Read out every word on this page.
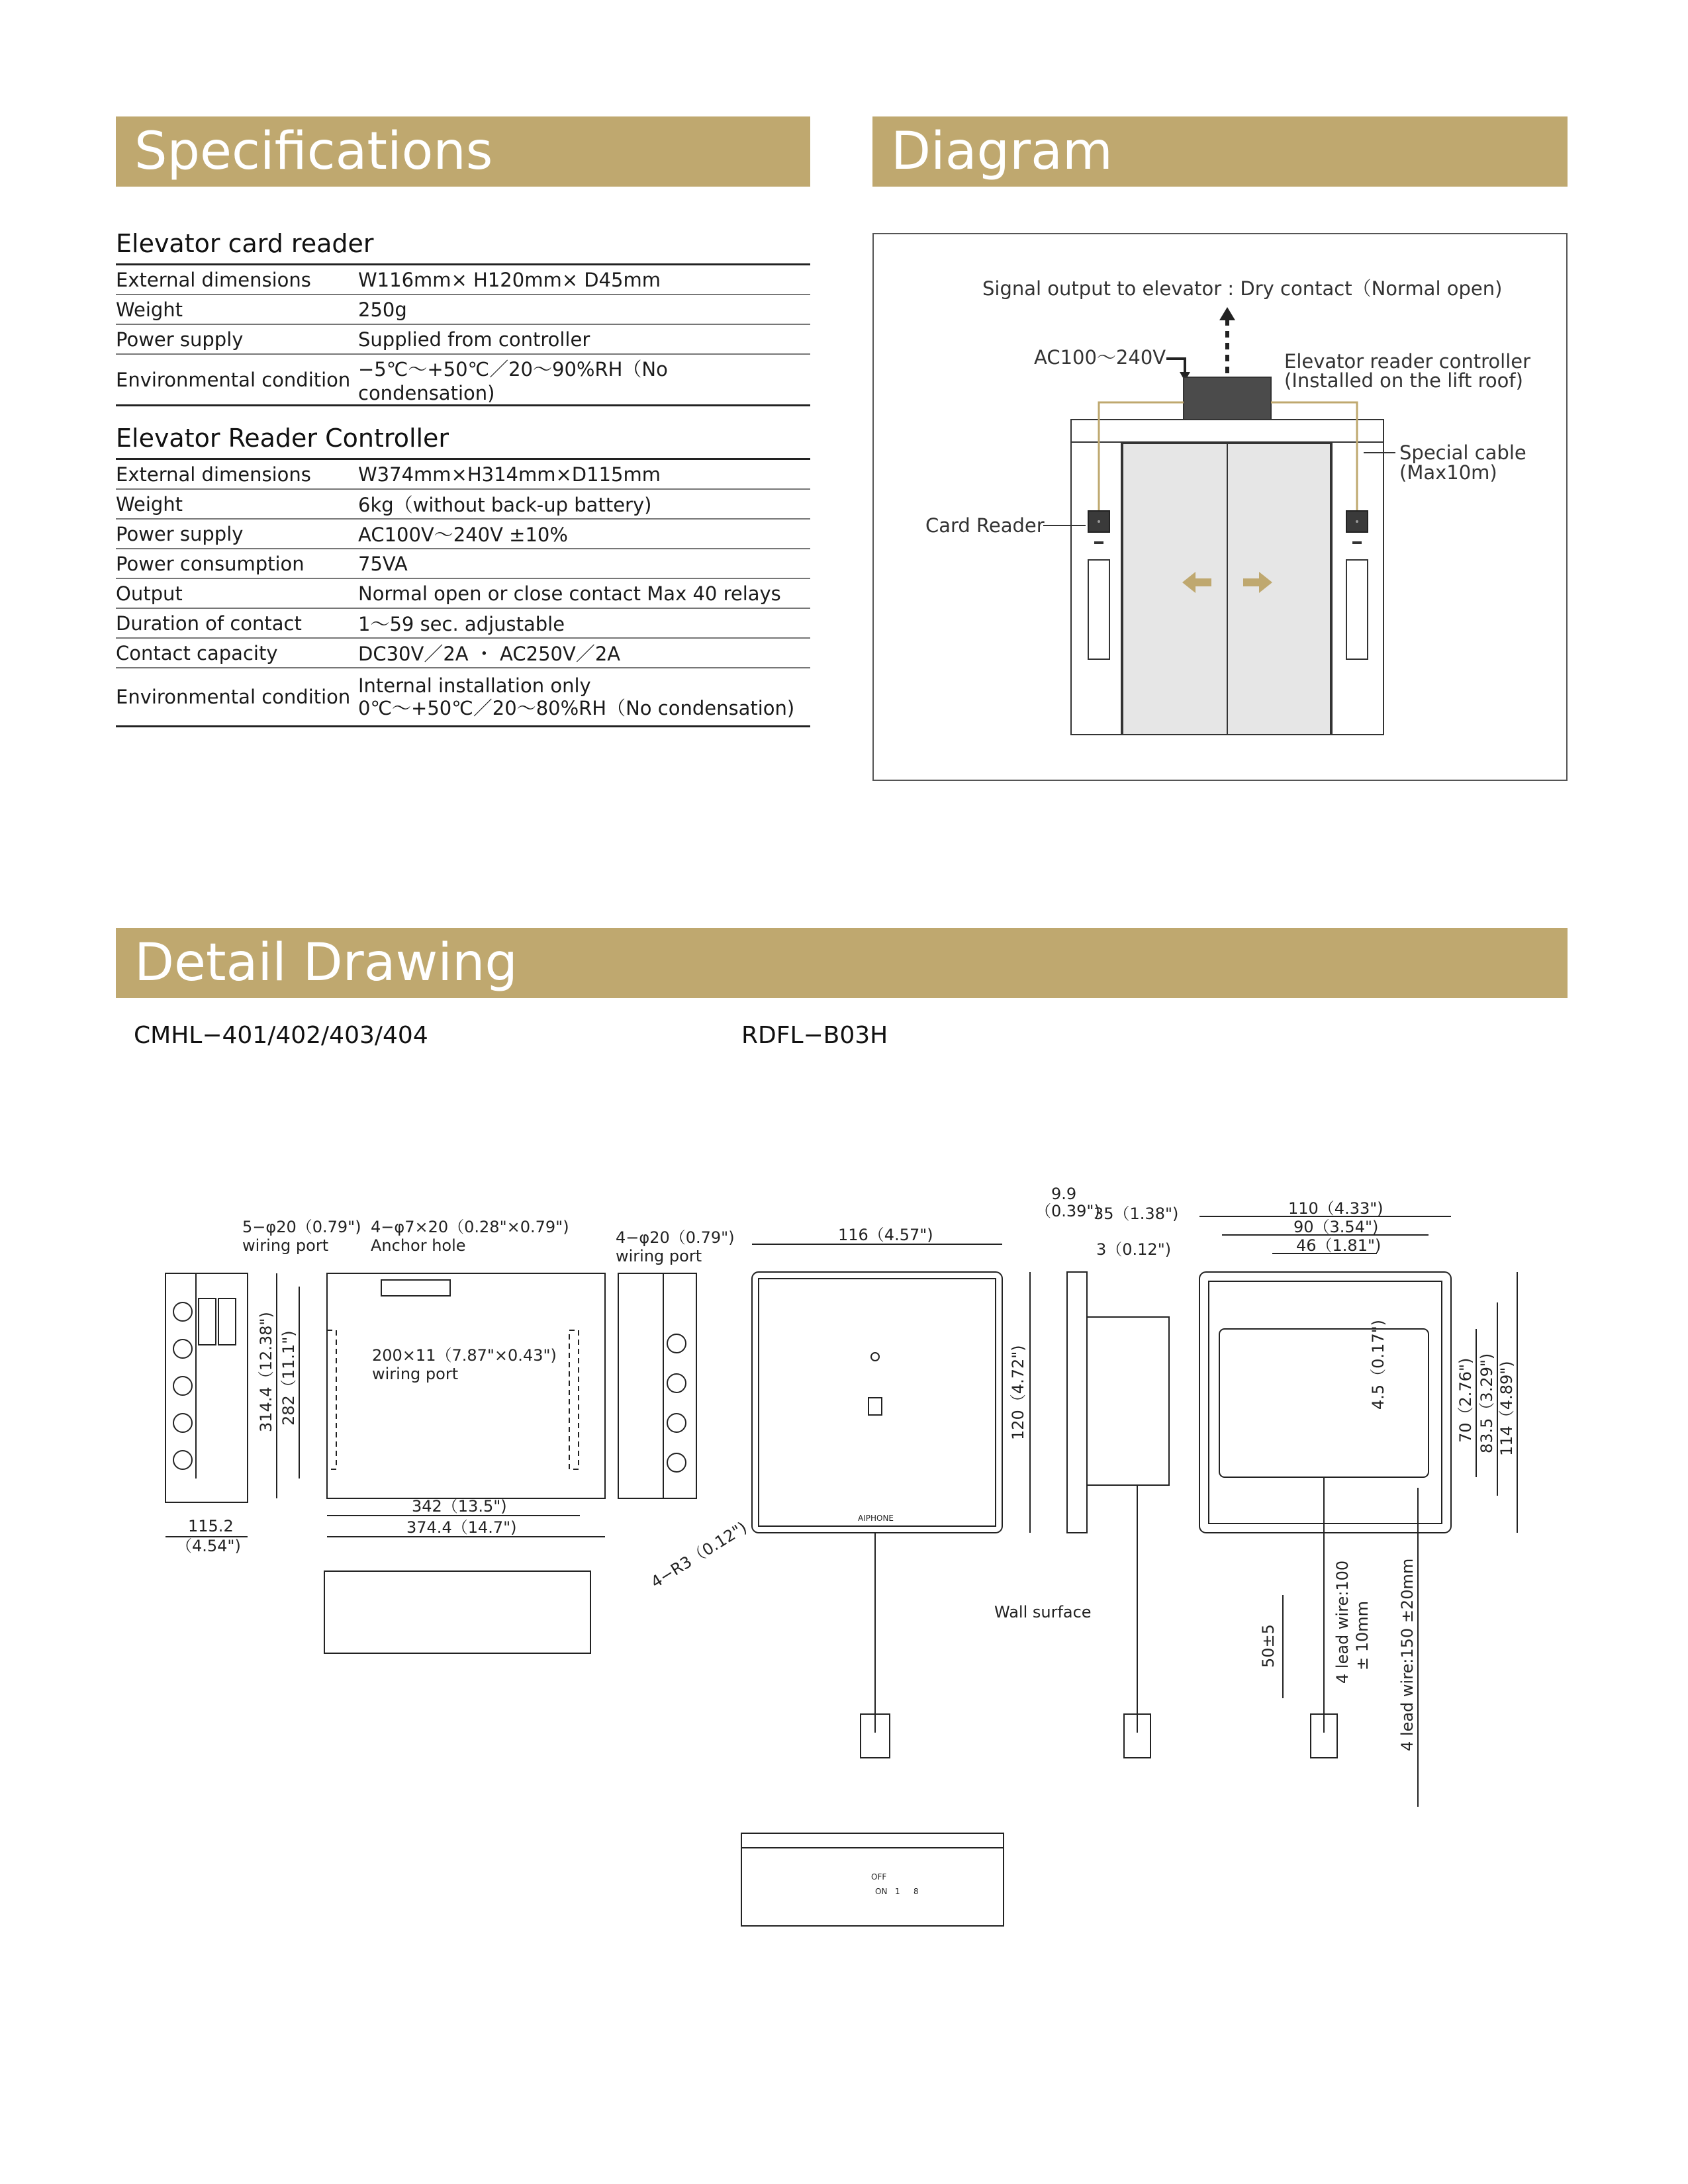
Specifications	Diagram
Detail Drawing
Elevator card reader
External dimensions	W116mm× H120mm× D45mm
Weight	250g
Power supply	Supplied from controller
Environmental condition	−5℃〜+50℃／20〜90%RH（No condensation)
Elevator Reader Controller
External dimensions	W374mm×H314mm×D115mm
Weight	6kg（without back-up battery)
Power supply	AC100V〜240V ±10%
Power consumption	75VA
Output	Normal open or close contact Max 40 relays
Duration of contact	1〜59 sec. adjustable
Contact capacity	DC30V／2A ・ AC250V／2A
Environmental condition	Internal installation only
0℃〜+50℃／20〜80%RH（No condensation)
Signal output to elevator : Dry contact（Normal open)
AC100〜240V	Elevator reader controller
(Installed on the lift roof)
Card Reader
Special cable
(Max10m)
CMHL−401/402/403/404	RDFL−B03H
5−φ20（0.79")
wiring port
4−φ7×20（0.28"×0.79")
Anchor hole	4−φ20（0.79")
wiring port
200×11（7.87"×0.43")
wiring port
314.4（12.38") 282（11.1")
342（13.5")
374.4（14.7")
115.2
（4.54")
116（4.57")
120（4.72")
4−R3（0.12")	AIPHONE
9.9
（0.39")
35（1.38")
3（0.12")
Wall surface
110（4.33")
90（3.54")
46（1.81")
4.5（0.17")	70（2.76") 83.5（3.29") 114（4.89")
4 lead wire:100 ± 10mm 4 lead wire:150 ±20mm
50±5
OFF
ON 1 8
